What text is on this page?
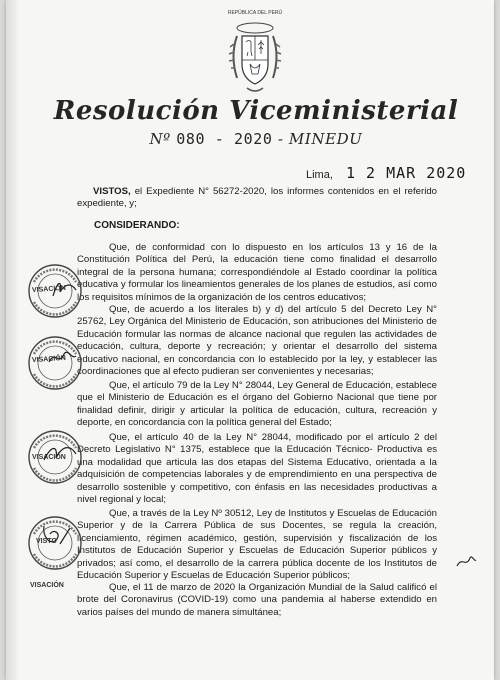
REPÚBLICA DEL PERÚ
Resolución Viceministerial
Nº 080 - 2020 - MINEDU
Lima, 1 2 MAR 2020
VISTOS, el Expediente N° 56272-2020, los informes contenidos en el referido expediente, y;
CONSIDERANDO:
Que, de conformidad con lo dispuesto en los artículos 13 y 16 de la Constitución Política del Perú, la educación tiene como finalidad el desarrollo integral de la persona humana; correspondiéndole al Estado coordinar la política educativa y formular los lineamientos generales de los planes de estudios, así como los requisitos mínimos de la organización de los centros educativos;
Que, de acuerdo a los literales b) y d) del artículo 5 del Decreto Ley N° 25762, Ley Orgánica del Ministerio de Educación, son atribuciones del Ministerio de Educación formular las normas de alcance nacional que regulen las actividades de educación, cultura, deporte y recreación; y orientar el desarrollo del sistema educativo nacional, en concordancia con lo establecido por la ley, y establecer las coordinaciones que al efecto pudieran ser convenientes y necesarias;
Que, el artículo 79 de la Ley N° 28044, Ley General de Educación, establece que el Ministerio de Educación es el órgano del Gobierno Nacional que tiene por finalidad definir, dirigir y articular la política de educación, cultura, recreación y deporte, en concordancia con la política general del Estado;
Que, el artículo 40 de la Ley N° 28044, modificado por el artículo 2 del Decreto Legislativo N° 1375, establece que la Educación Técnico- Productiva es una modalidad que articula las dos etapas del Sistema Educativo, orientada a la adquisición de competencias laborales y de emprendimiento en una perspectiva de desarrollo sostenible y competitivo, con énfasis en las necesidades productivas a nivel regional y local;
Que, a través de la Ley Nº 30512, Ley de Institutos y Escuelas de Educación Superior y de la Carrera Pública de sus Docentes, se regula la creación, licenciamiento, régimen académico, gestión, supervisión y fiscalización de los Institutos de Educación Superior y Escuelas de Educación Superior públicos y privados; así como, el desarrollo de la carrera pública docente de los Institutos de Educación Superior y Escuelas de Educación Superior públicos;
Que, el 11 de marzo de 2020 la Organización Mundial de la Salud calificó el brote del Coronavirus (COVID-19) como una pandemia al haberse extendido en varios países del mundo de manera simultánea;
VISACIÓN
VISACIÓN
VISACIÓN
VISTO
VISACIÓN
